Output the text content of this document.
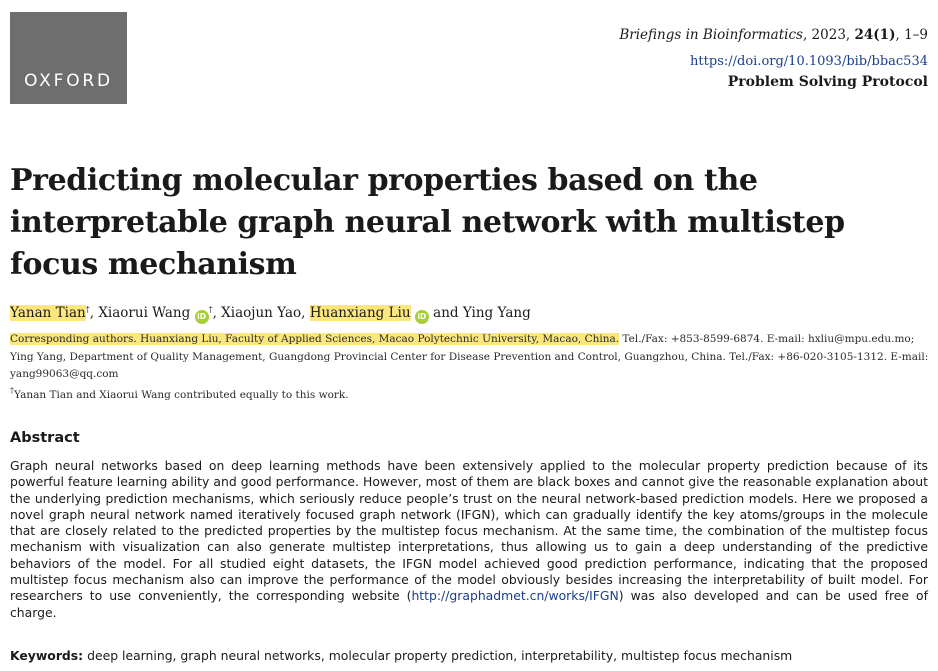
OXFORD
Briefings in Bioinformatics, 2023, 24(1), 1–9
https://doi.org/10.1093/bib/bbac534
Problem Solving Protocol
Predicting molecular properties based on the interpretable graph neural network with multistep focus mechanism
Yanan Tian†, Xiaorui Wang iD†, Xiaojun Yao, Huanxiang Liu iD and Ying Yang
Corresponding authors. Huanxiang Liu, Faculty of Applied Sciences, Macao Polytechnic University, Macao, China. Tel./Fax: +853-8599-6874. E-mail: hxliu@mpu.edu.mo; Ying Yang, Department of Quality Management, Guangdong Provincial Center for Disease Prevention and Control, Guangzhou, China. Tel./Fax: +86-020-3105-1312. E-mail: yang99063@qq.com
†Yanan Tian and Xiaorui Wang contributed equally to this work.
Abstract

Graph neural networks based on deep learning methods have been extensively applied to the molecular property prediction because of its powerful feature learning ability and good performance. However, most of them are black boxes and cannot give the reasonable explanation about the underlying prediction mechanisms, which seriously reduce people’s trust on the neural network-based prediction models. Here we proposed a novel graph neural network named iteratively focused graph network (IFGN), which can gradually identify the key atoms/groups in the molecule that are closely related to the predicted properties by the multistep focus mechanism. At the same time, the combination of the multistep focus mechanism with visualization can also generate multistep interpretations, thus allowing us to gain a deep understanding of the predictive behaviors of the model. For all studied eight datasets, the IFGN model achieved good prediction performance, indicating that the proposed multistep focus mechanism also can improve the performance of the model obviously besides increasing the interpretability of built model. For researchers to use conveniently, the corresponding website (http://graphadmet.cn/works/IFGN) was also developed and can be used free of charge.

Keywords: deep learning, graph neural networks, molecular property prediction, interpretability, multistep focus mechanism
